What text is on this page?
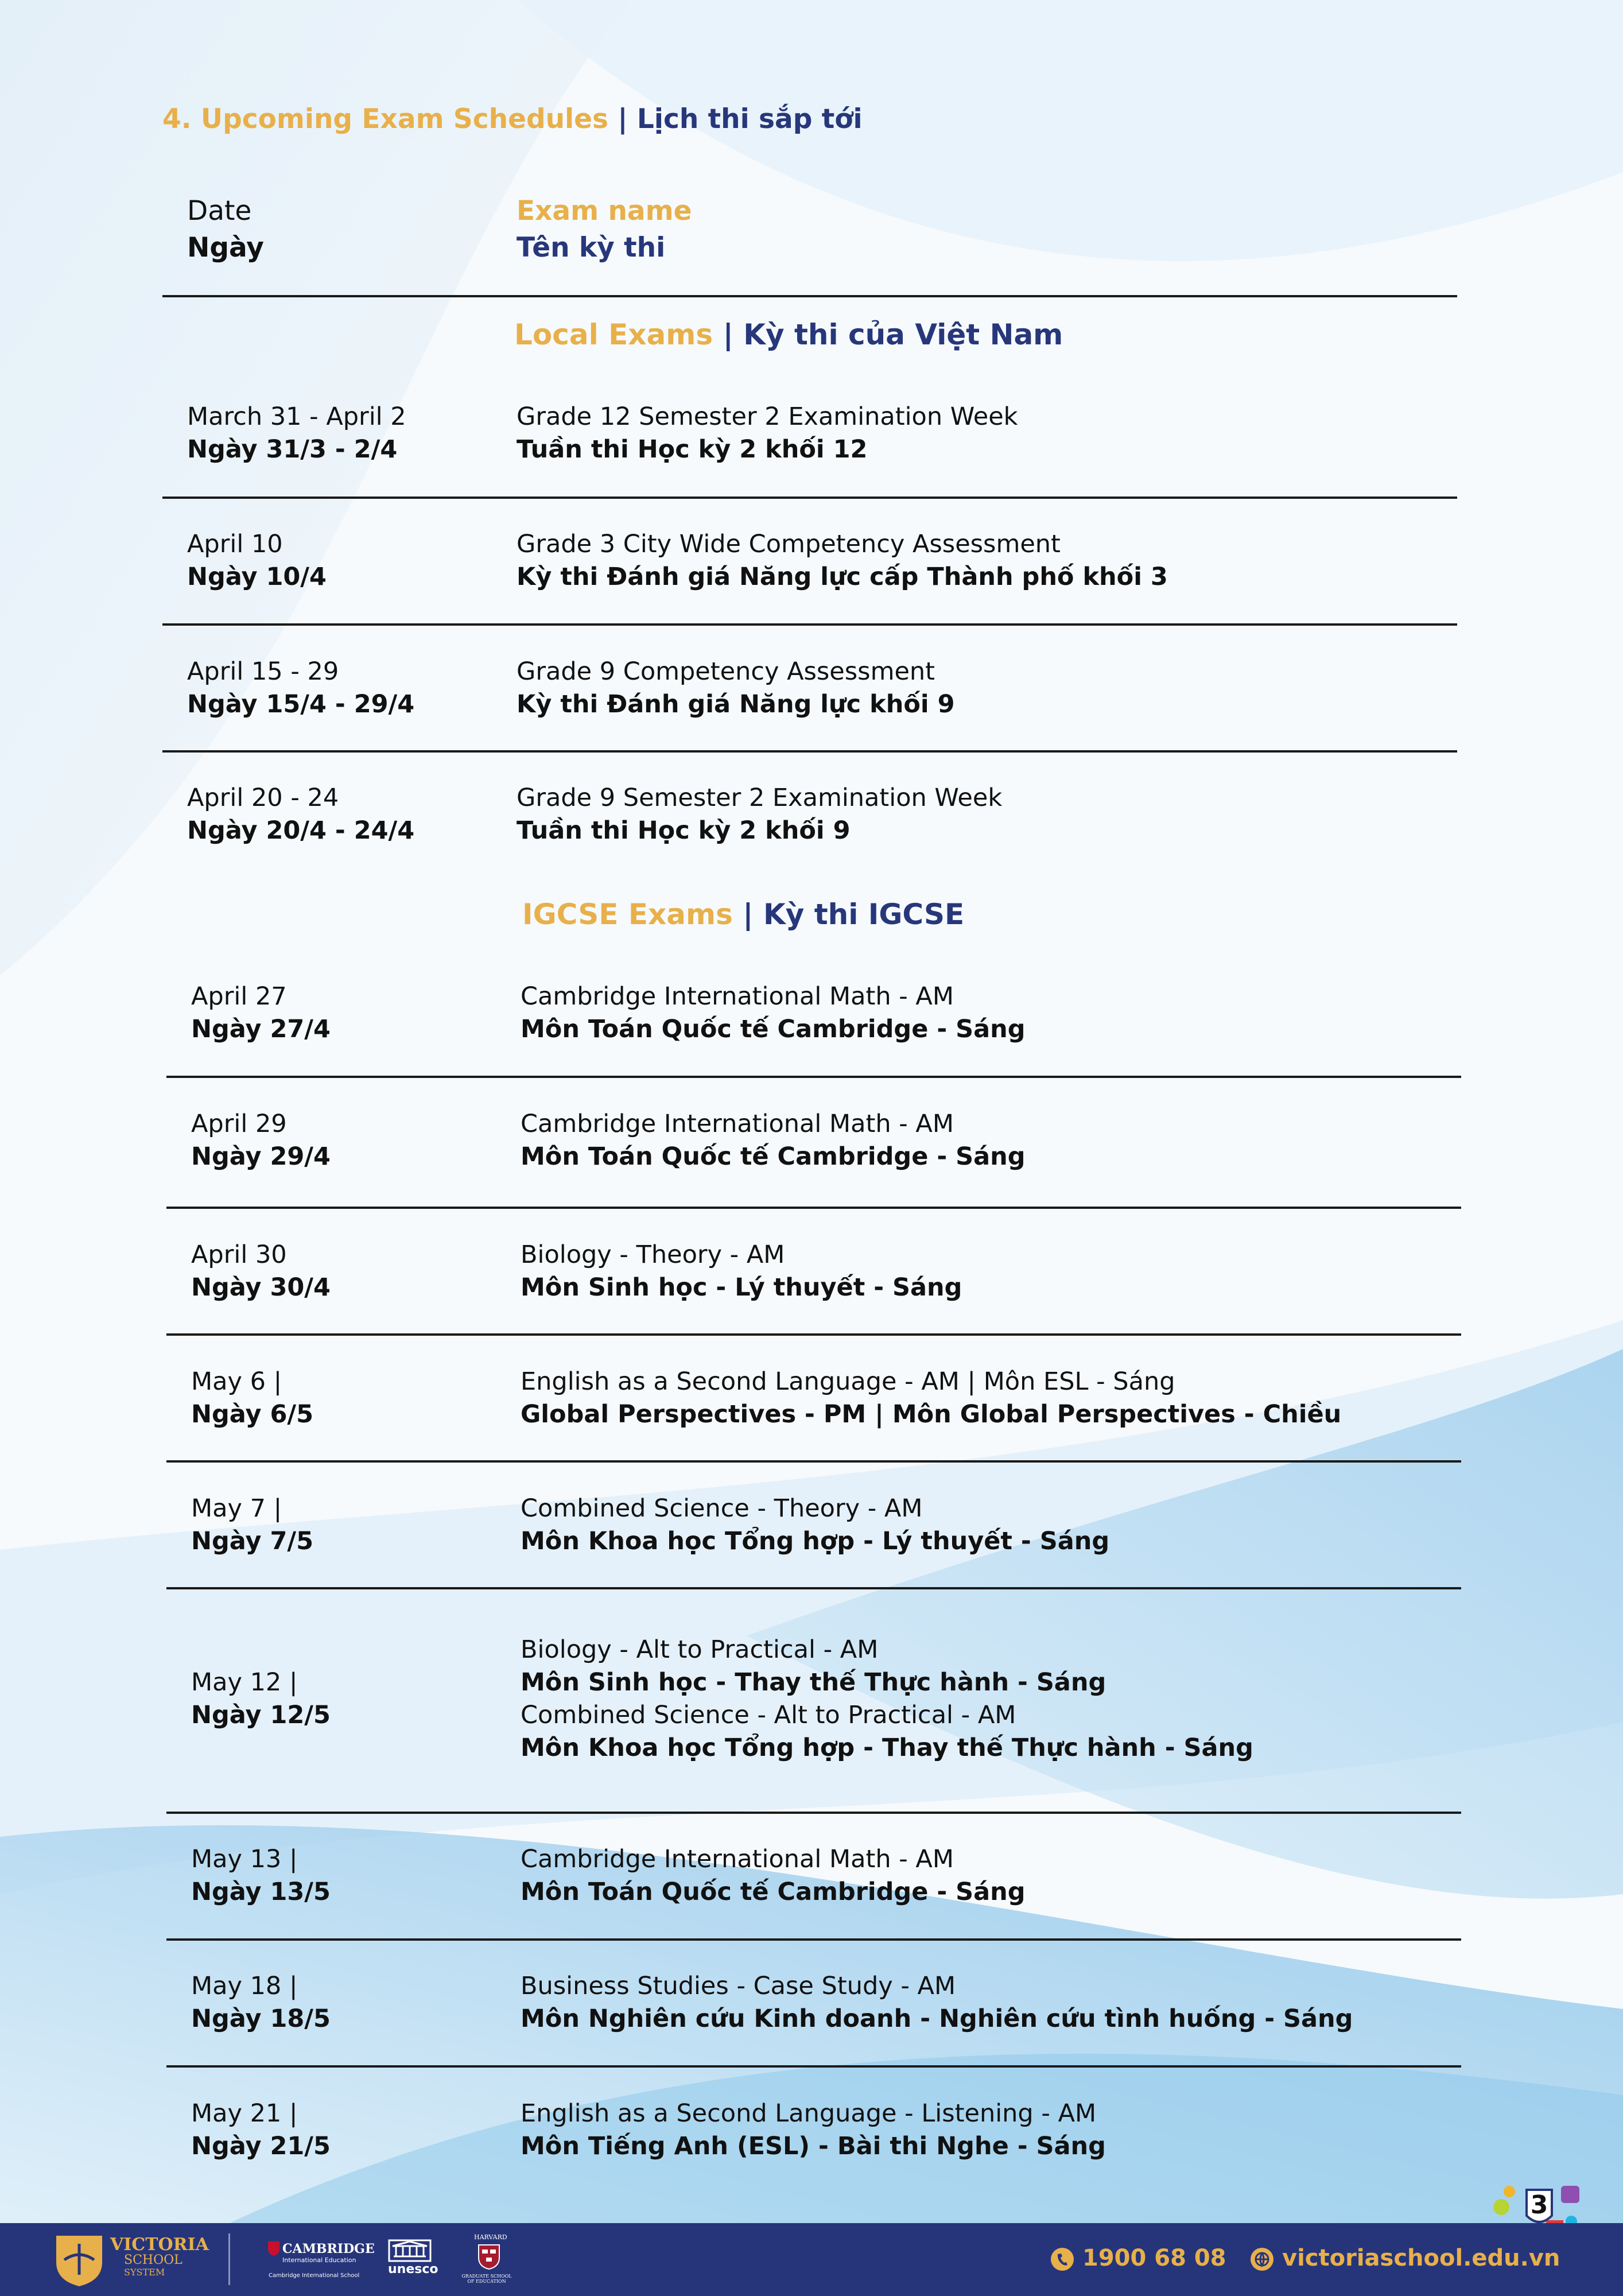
4. Upcoming Exam Schedules | Lịch thi sắp tới
Date
Ngày
Exam name
Tên kỳ thi
Local Exams | Kỳ thi của Việt Nam
March 31 - April 2
Ngày 31/3 - 2/4
Grade 12 Semester 2 Examination Week
Tuần thi Học kỳ 2 khối 12
April 10
Ngày 10/4
Grade 3 City Wide Competency Assessment
Kỳ thi Đánh giá Năng lực cấp Thành phố khối 3
April 15 - 29
Ngày 15/4 - 29/4
Grade 9 Competency Assessment
Kỳ thi Đánh giá Năng lực khối 9
April 20 - 24
Ngày 20/4 - 24/4
Grade 9 Semester 2 Examination Week
Tuần thi Học kỳ 2 khối 9
IGCSE Exams | Kỳ thi IGCSE
April 27
Ngày 27/4
Cambridge International Math - AM
Môn Toán Quốc tế Cambridge - Sáng
April 29
Ngày 29/4
Cambridge International Math - AM
Môn Toán Quốc tế Cambridge - Sáng
April 30
Ngày 30/4
Biology - Theory - AM
Môn Sinh học - Lý thuyết - Sáng
May 6 |
Ngày 6/5
English as a Second Language - AM | Môn ESL - Sáng
Global Perspectives - PM | Môn Global Perspectives - Chiều
May 7 |
Ngày 7/5
Combined Science - Theory - AM
Môn Khoa học Tổng hợp - Lý thuyết - Sáng
May 12 |
Ngày 12/5
Biology - Alt to Practical - AM
Môn Sinh học - Thay thế Thực hành - Sáng
Combined Science - Alt to Practical - AM
Môn Khoa học Tổng hợp - Thay thế Thực hành - Sáng
May 13 |
Ngày 13/5
Cambridge International Math - AM
Môn Toán Quốc tế Cambridge - Sáng
May 18 |
Ngày 18/5
Business Studies - Case Study - AM
Môn Nghiên cứu Kinh doanh - Nghiên cứu tình huống - Sáng
May 21 |
Ngày 21/5
English as a Second Language - Listening - AM
Môn Tiếng Anh (ESL) - Bài thi Nghe - Sáng
3
VICTORIA
SCHOOL
SYSTEM
CAMBRIDGE
International Education
Cambridge International School unesco
HARVARD
GRADUATE SCHOOL OF EDUCATION
1900 68 08 victoriaschool.edu.vn
